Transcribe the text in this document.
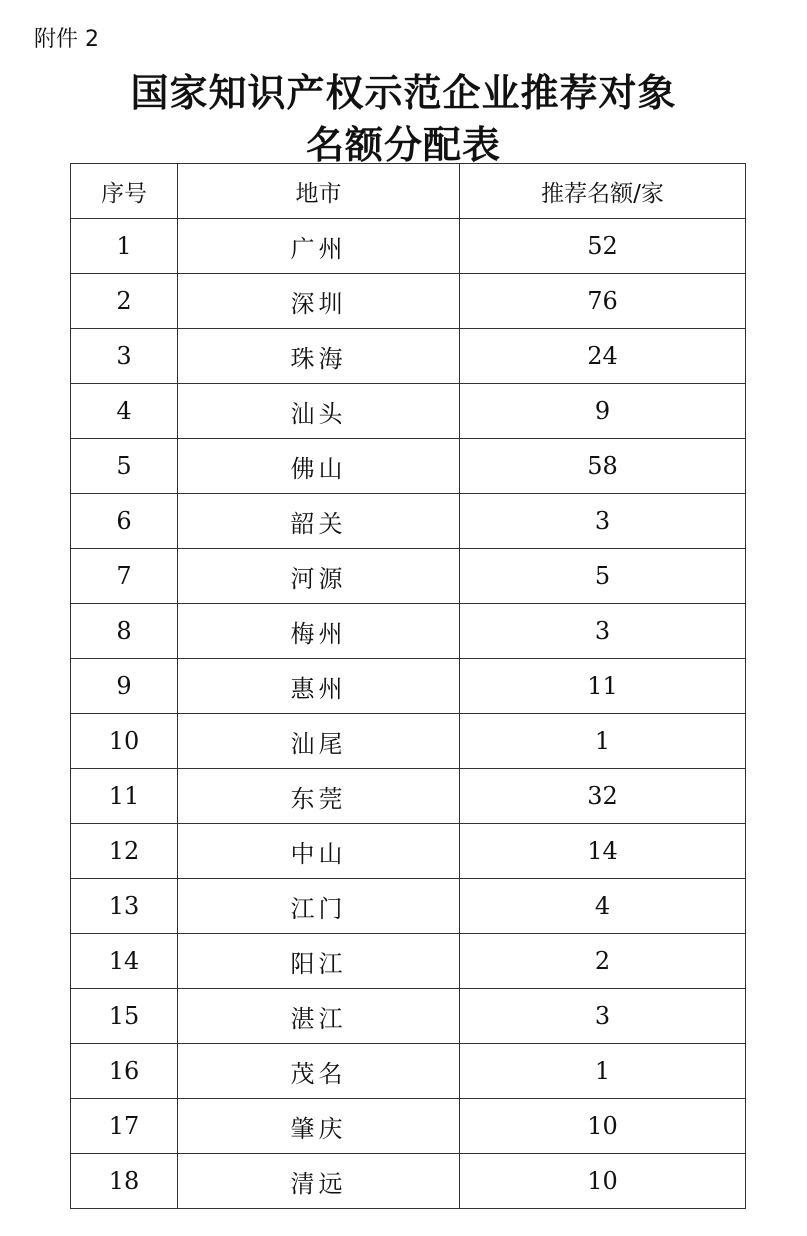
附件 2
国家知识产权示范企业推荐对象
名额分配表
序号	地市	推荐名额/家
1	广州	52
2	深圳	76
3	珠海	24
4	汕头	9
5	佛山	58
6	韶关	3
7	河源	5
8	梅州	3
9	惠州	11
10	汕尾	1
11	东莞	32
12	中山	14
13	江门	4
14	阳江	2
15	湛江	3
16	茂名	1
17	肇庆	10
18	清远	10
